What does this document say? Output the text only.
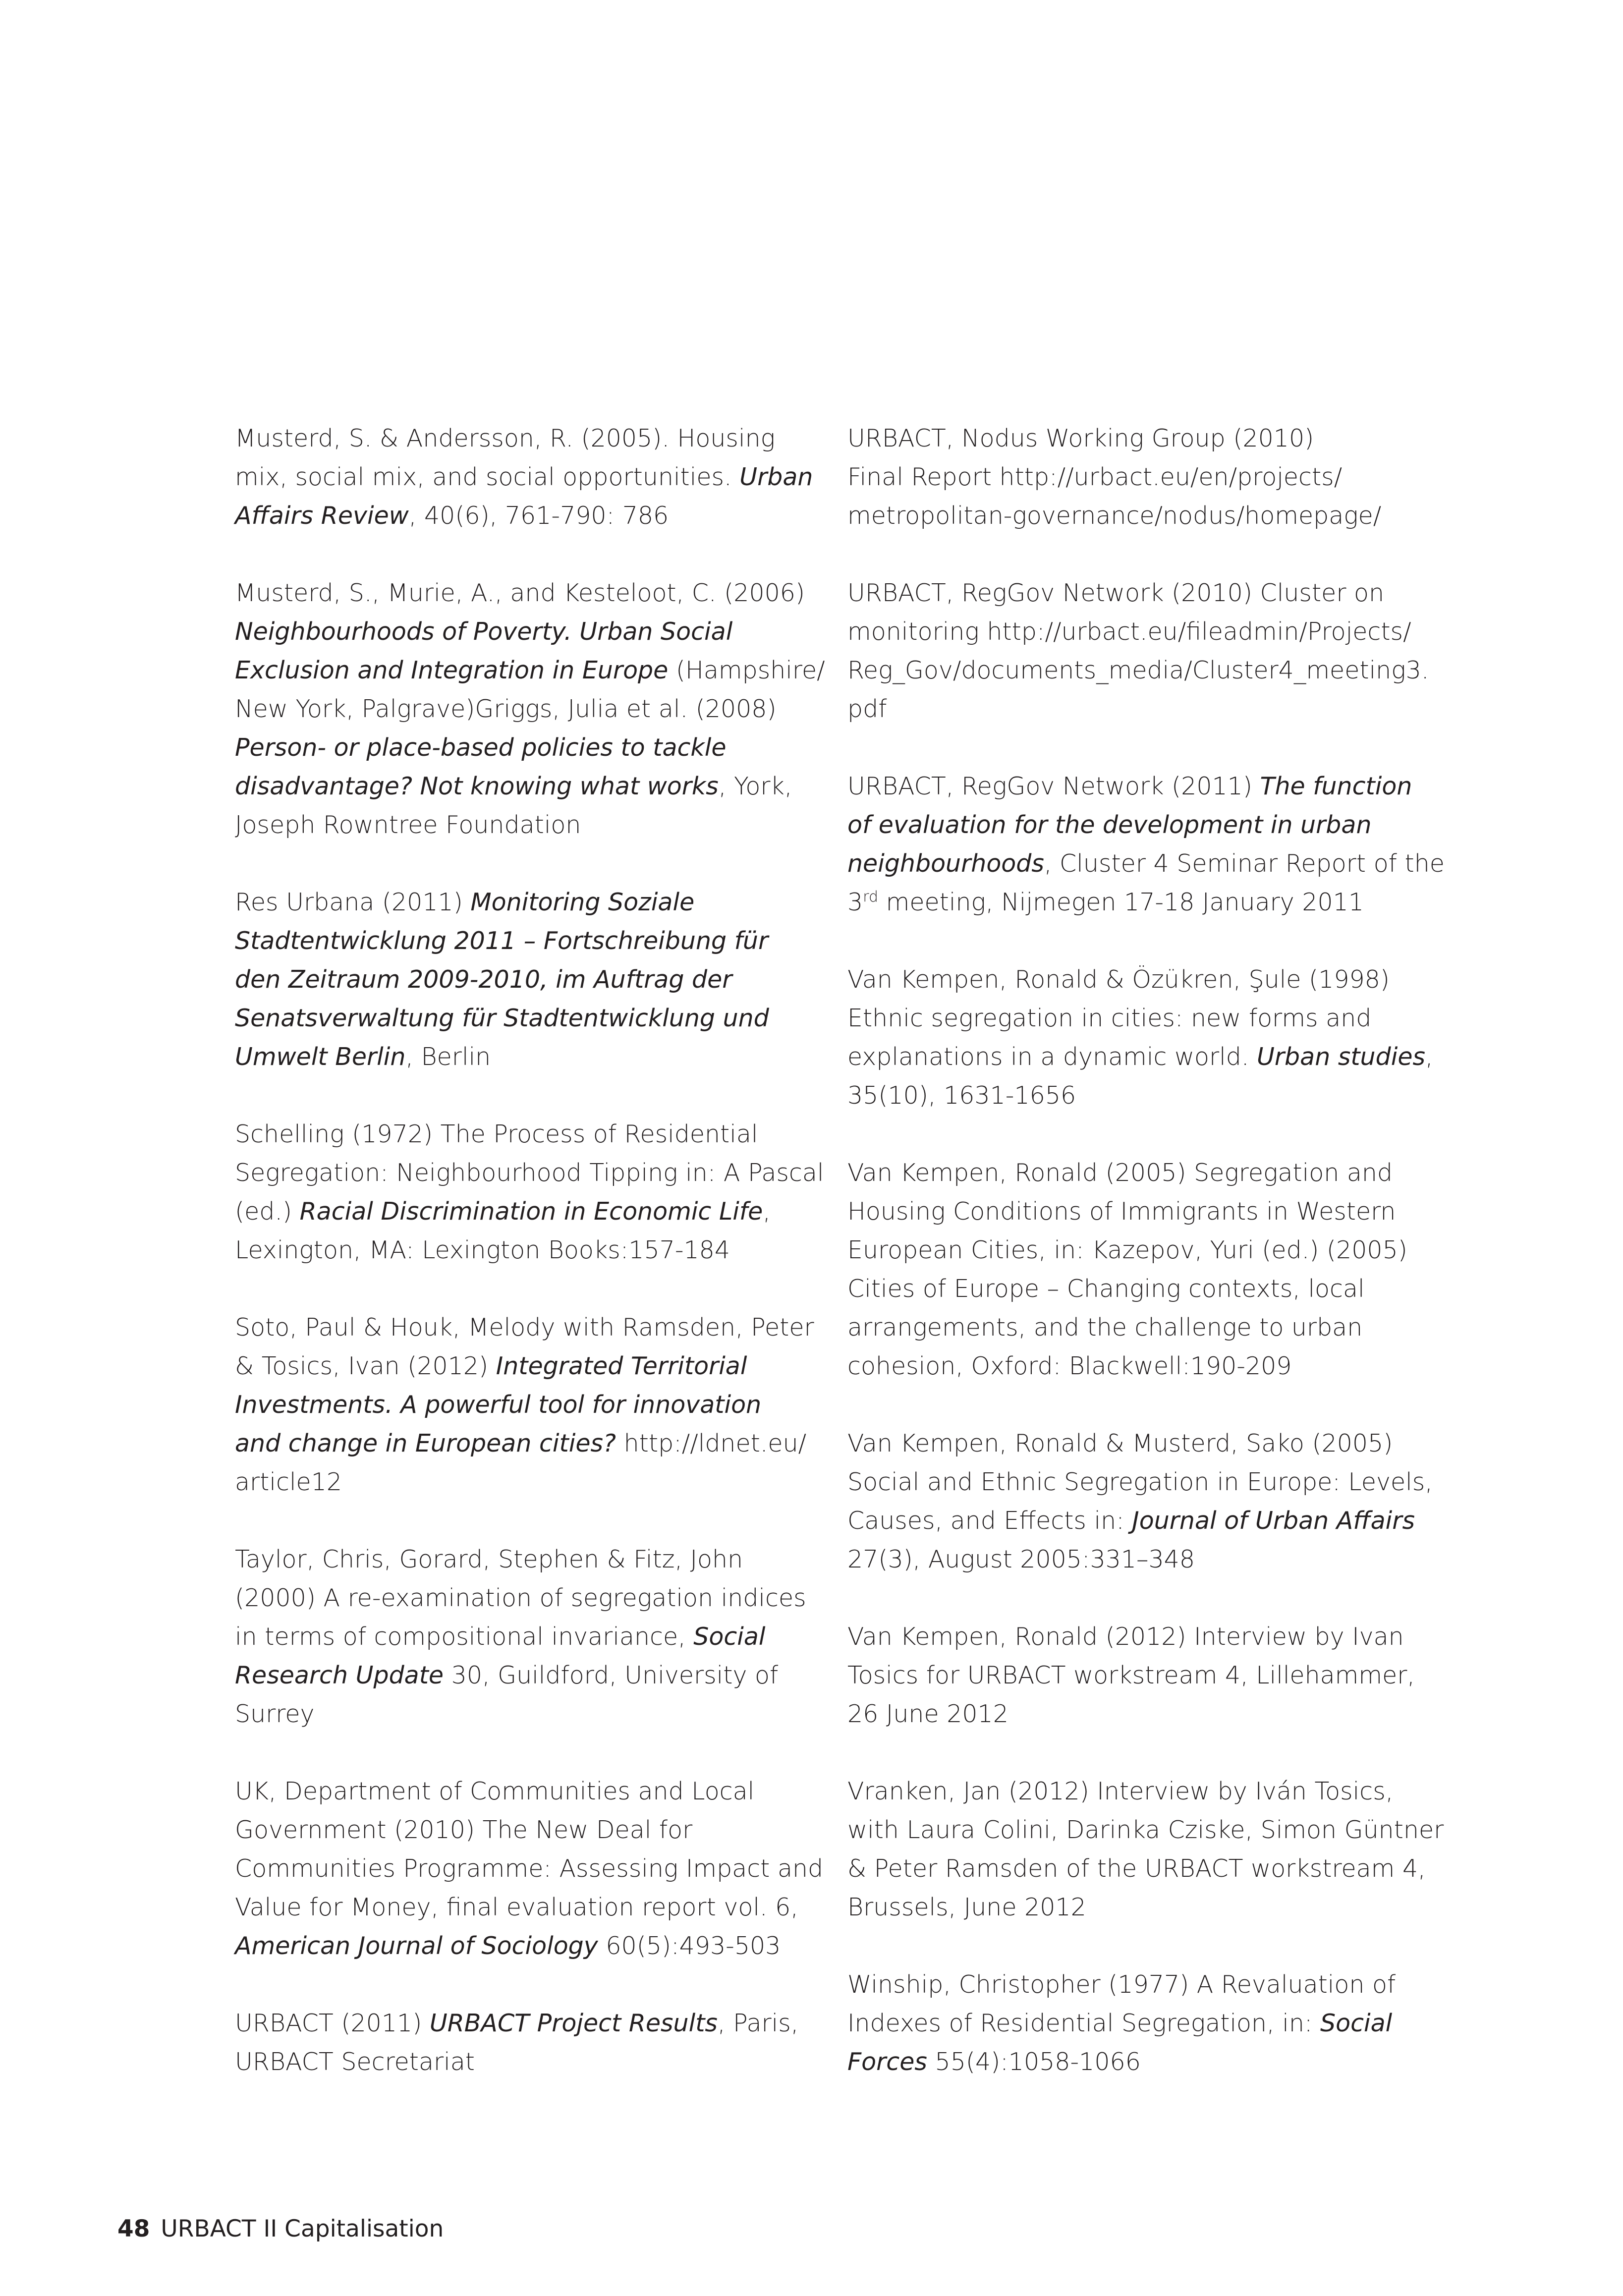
Musterd, S. & Andersson, R. (2005). Housing
mix, social mix, and social opportunities. Urban
Affairs Review, 40(6), 761-790: 786

Musterd, S., Murie, A., and Kesteloot, C. (2006)
Neighbourhoods of Poverty. Urban Social
Exclusion and Integration in Europe (Hampshire/
New York, Palgrave)Griggs, Julia et al. (2008)
Person- or place-based policies to tackle
disadvantage? Not knowing what works, York,
Joseph Rowntree Foundation

Res Urbana (2011) Monitoring Soziale
Stadtentwicklung 2011 – Fortschreibung für
den Zeitraum 2009-2010, im Auftrag der
Senatsverwaltung für Stadtentwicklung und
Umwelt Berlin, Berlin

Schelling (1972) The Process of Residential
Segregation: Neighbourhood Tipping in: A Pascal
(ed.) Racial Discrimination in Economic Life,
Lexington, MA: Lexington Books:157-184

Soto, Paul & Houk, Melody with Ramsden, Peter
& Tosics, Ivan (2012) Integrated Territorial
Investments. A powerful tool for innovation
and change in European cities? http://ldnet.eu/
article12

Taylor, Chris, Gorard, Stephen & Fitz, John
(2000) A re-examination of segregation indices
in terms of compositional invariance, Social
Research Update 30, Guildford, University of
Surrey

UK, Department of Communities and Local
Government (2010) The New Deal for
Communities Programme: Assessing Impact and
Value for Money, final evaluation report vol. 6,
American Journal of Sociology 60(5):493-503

URBACT (2011) URBACT Project Results, Paris,
URBACT Secretariat

URBACT, Nodus Working Group (2010)
Final Report http://urbact.eu/en/projects/
metropolitan-governance/nodus/homepage/

URBACT, RegGov Network (2010) Cluster on
monitoring http://urbact.eu/fileadmin/Projects/
Reg_Gov/documents_media/Cluster4_meeting3.
pdf

URBACT, RegGov Network (2011) The function
of evaluation for the development in urban
neighbourhoods, Cluster 4 Seminar Report of the
3rd meeting, Nijmegen 17-18 January 2011

Van Kempen, Ronald & Özükren, Şule (1998)
Ethnic segregation in cities: new forms and
explanations in a dynamic world. Urban studies,
35(10), 1631-1656

Van Kempen, Ronald (2005) Segregation and
Housing Conditions of Immigrants in Western
European Cities, in: Kazepov, Yuri (ed.) (2005)
Cities of Europe – Changing contexts, local
arrangements, and the challenge to urban
cohesion, Oxford: Blackwell:190-209

Van Kempen, Ronald & Musterd, Sako (2005)
Social and Ethnic Segregation in Europe: Levels,
Causes, and Effects in: Journal of Urban Affairs
27(3), August 2005:331–348

Van Kempen, Ronald (2012) Interview by Ivan
Tosics for URBACT workstream 4, Lillehammer,
26 June 2012

Vranken, Jan (2012) Interview by Iván Tosics,
with Laura Colini, Darinka Cziske, Simon Güntner
& Peter Ramsden of the URBACT workstream 4,
Brussels, June 2012

Winship, Christopher (1977) A Revaluation of
Indexes of Residential Segregation, in: Social
Forces 55(4):1058-1066

48 URBACT II Capitalisation
